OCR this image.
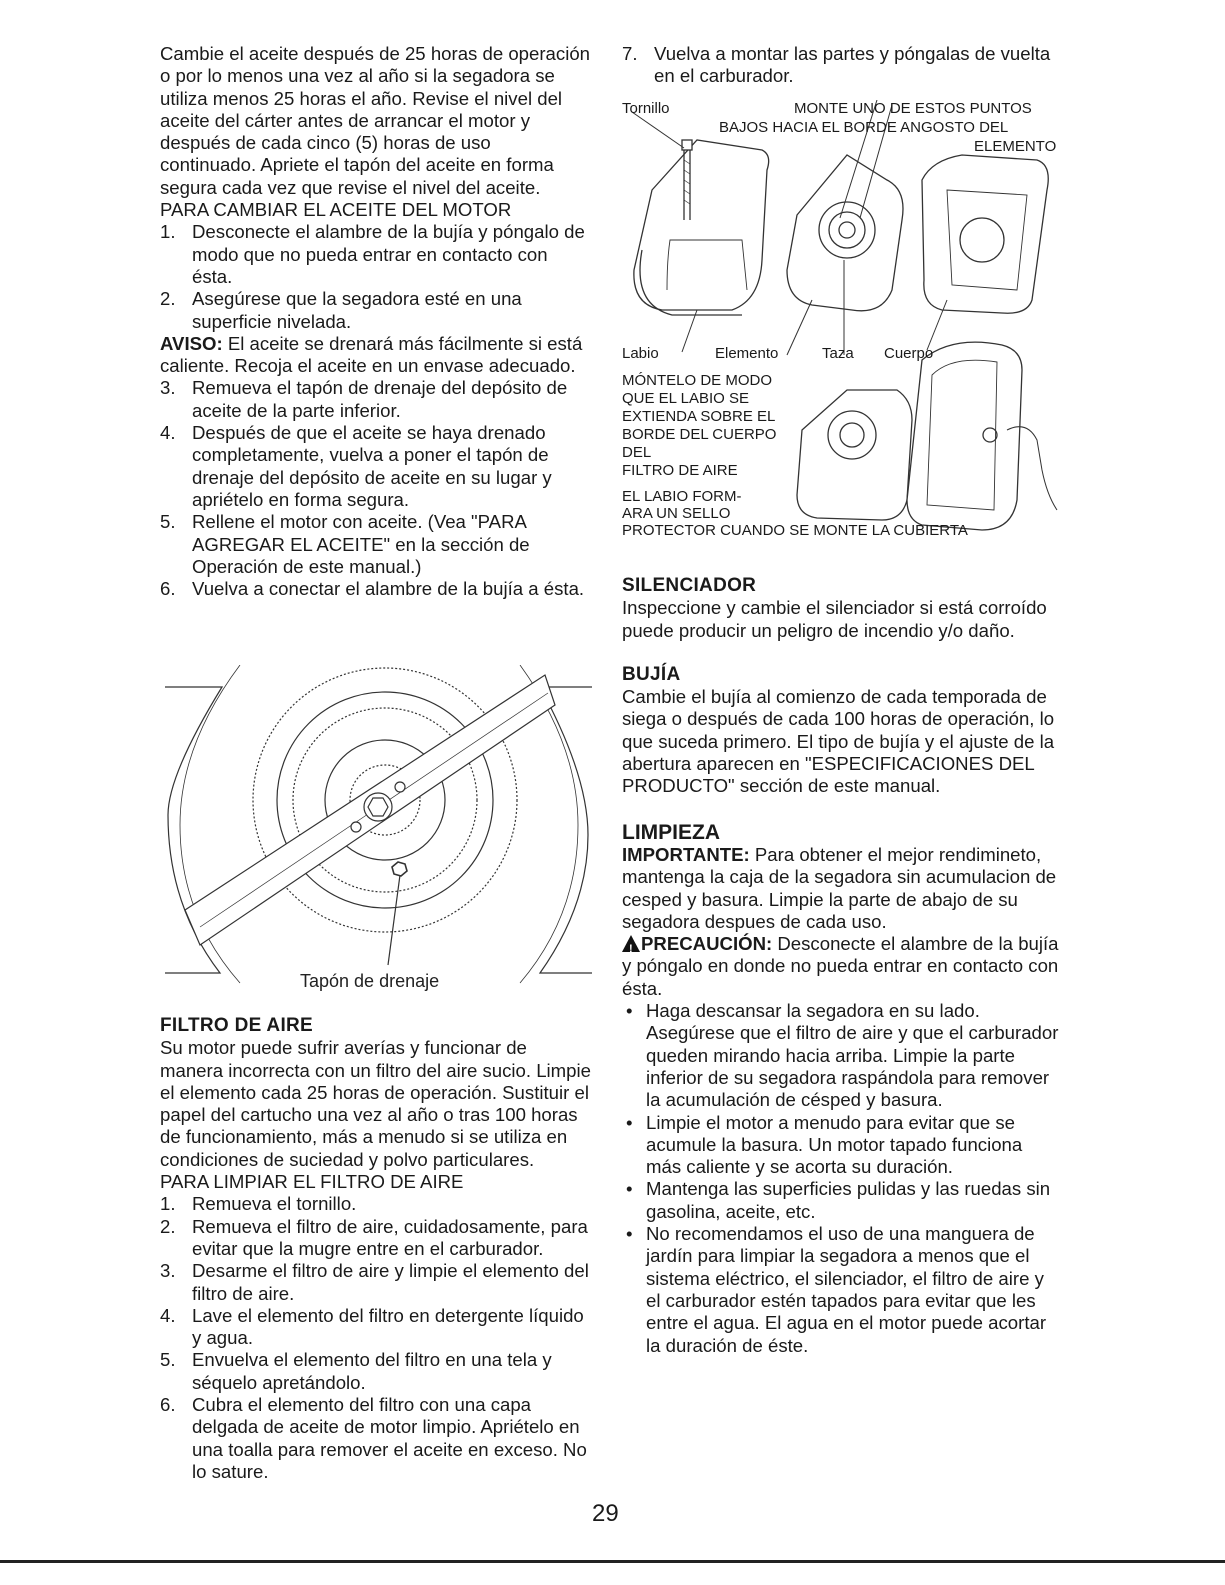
Cambie el aceite después de 25 horas de operación o por lo menos una vez al año si la segadora se utiliza menos 25 horas el año. Revise el nivel del aceite del cárter antes de arrancar el motor y después de cada cinco (5) horas de uso continuado. Apriete el tapón del aceite en forma segura cada vez que revise el nivel del aceite.

PARA CAMBIAR EL ACEITE DEL MOTOR

1. Desconecte el alambre de la bujía y póngalo de modo que no pueda entrar en contacto con ésta.
2. Asegúrese que la segadora esté en una superficie nivelada.

AVISO: El aceite se drenará más fácilmente si está caliente. Recoja el aceite en un envase adecuado.

3. Remueva el tapón de drenaje del depósito de aceite de la parte inferior.
4. Después de que el aceite se haya drenado completamente, vuelva a poner el tapón de drenaje del depósito de aceite en su lugar y apriételo en forma segura.
5. Rellene el motor con aceite. (Vea "PARA AGREGAR EL ACEITE" en la sección de Operación de este manual.)
6. Vuelva a conectar el alambre de la bujía a ésta.
Tapón de drenaje

FILTRO DE AIRE

Su motor puede sufrir averías y funcionar de manera incorrecta con un filtro del aire sucio. Limpie el elemento cada 25 horas de operación. Sustituir el papel del cartucho una vez al año o tras 100 horas de funcionamiento, más a menudo si se utiliza en condiciones de suciedad y polvo particulares.

PARA LIMPIAR EL FILTRO DE AIRE

1. Remueva el tornillo.
2. Remueva el filtro de aire, cuidadosamente, para evitar que la mugre entre en el carburador.
3. Desarme el filtro de aire y limpie el elemento del filtro de aire.
4. Lave el elemento del filtro en detergente líquido y agua.
5. Envuelva el elemento del filtro en una tela y séquelo apretándolo.
6. Cubra el elemento del filtro con una capa delgada de aceite de motor limpio. Apriételo en una toalla para remover el aceite en exceso. No lo sature.
7. Vuelva a montar las partes y póngalas de vuelta en el carburador.
Tornillo	MONTE UNO DE ESTOS PUNTOS
BAJOS HACIA EL BORDE ANGOSTO DEL
ELEMENTO
Labio	Elemento	Taza Cuerpo
MÓNTELO DE MODO
QUE EL LABIO SE
EXTIENDA SOBRE EL
BORDE DEL CUERPO
DEL
FILTRO DE AIRE
EL LABIO FORM-
ARA UN SELLO
PROTECTOR CUANDO SE MONTE LA CUBIERTA

SILENCIADOR

Inspeccione y cambie el silenciador si está corroído puede producir un peligro de incendio y/o daño.

BUJÍA

Cambie el bujía al comienzo de cada temporada de siega o después de cada 100 horas de operación, lo que suceda primero. El tipo de bujía y el ajuste de la abertura aparecen en "ESPECIFICACIONES DEL PRODUCTO" sección de este manual.

LIMPIEZA

IMPORTANTE: Para obtener el mejor rendimineto, mantenga la caja de la segadora sin acumulacion de cesped y basura. Limpie la parte de abajo de su segadora despues de cada uso.

!PRECAUCIÓN: Desconecte el alambre de la bujía y póngalo en donde no pueda entrar en contacto con ésta.

• Haga descansar la segadora en su lado. Asegúrese que el filtro de aire y que el carburador queden mirando hacia arriba. Limpie la parte inferior de su segadora raspándola para remover la acumulación de césped y basura.
• Limpie el motor a menudo para evitar que se acumule la basura. Un motor tapado funciona más caliente y se acorta su duración.
• Mantenga las superficies pulidas y las ruedas sin gasolina, aceite, etc.
• No recomendamos el uso de una manguera de jardín para limpiar la segadora a menos que el sistema eléctrico, el silenciador, el filtro de aire y el carburador estén tapados para evitar que les entre el agua. El agua en el motor puede acortar la duración de éste.
29
